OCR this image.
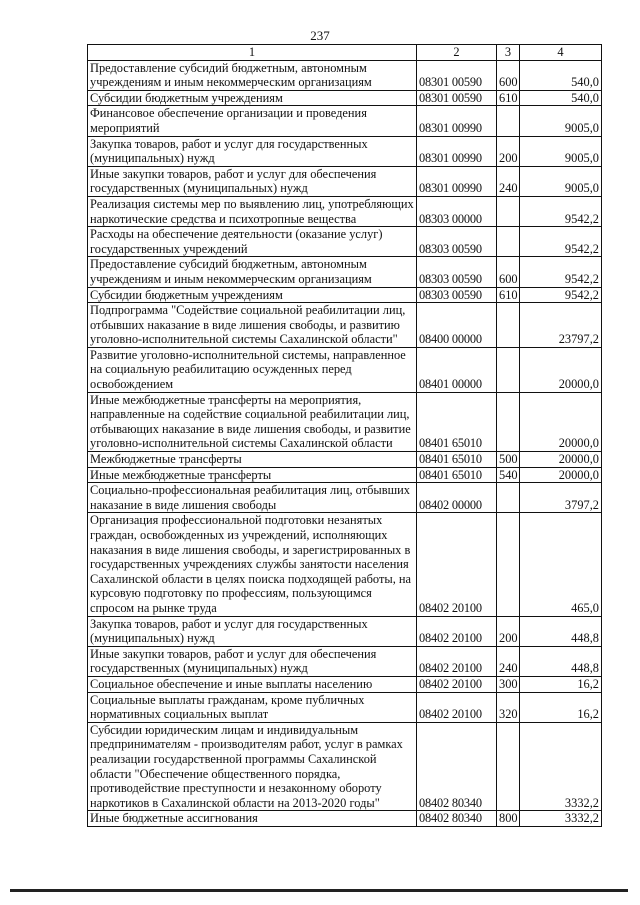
237
1	2	3	4
Предоставление субсидий бюджетным, автономным учреждениям и иным некоммерческим организациям	08301 00590	600	540,0
Субсидии бюджетным учреждениям	08301 00590	610	540,0
Финансовое обеспечение организации и проведения мероприятий	08301 00990		9005,0
Закупка товаров, работ и услуг для государственных (муниципальных) нужд	08301 00990	200	9005,0
Иные закупки товаров, работ и услуг для обеспечения государственных (муниципальных) нужд	08301 00990	240	9005,0
Реализация системы мер по выявлению лиц, употребляющих наркотические средства и психотропные вещества	08303 00000		9542,2
Расходы на обеспечение деятельности (оказание услуг) государственных учреждений	08303 00590		9542,2
Предоставление субсидий бюджетным, автономным учреждениям и иным некоммерческим организациям	08303 00590	600	9542,2
Субсидии бюджетным учреждениям	08303 00590	610	9542,2
Подпрограмма "Содействие социальной реабилитации лиц, отбывших наказание в виде лишения свободы, и развитию уголовно-исполнительной системы Сахалинской области"	08400 00000		23797,2
Развитие уголовно-исполнительной системы, направленное на социальную реабилитацию осужденных перед освобождением	08401 00000		20000,0
Иные межбюджетные трансферты на мероприятия, направленные на содействие социальной реабилитации лиц, отбывающих наказание в виде лишения свободы, и развитие уголовно-исполнительной системы Сахалинской области	08401 65010		20000,0
Межбюджетные трансферты	08401 65010	500	20000,0
Иные межбюджетные трансферты	08401 65010	540	20000,0
Социально-профессиональная реабилитация лиц, отбывших наказание в виде лишения свободы	08402 00000		3797,2
Организация профессиональной подготовки незанятых граждан, освобожденных из учреждений, исполняющих наказания в виде лишения свободы, и зарегистрированных в государственных учреждениях службы занятости населения Сахалинской области в целях поиска подходящей работы, на курсовую подготовку по профессиям, пользующимся спросом на рынке труда	08402 20100		465,0
Закупка товаров, работ и услуг для государственных (муниципальных) нужд	08402 20100	200	448,8
Иные закупки товаров, работ и услуг для обеспечения государственных (муниципальных) нужд	08402 20100	240	448,8
Социальное обеспечение и иные выплаты населению	08402 20100	300	16,2
Социальные выплаты гражданам, кроме публичных нормативных социальных выплат	08402 20100	320	16,2
Субсидии юридическим лицам и индивидуальным предпринимателям - производителям работ, услуг в рамках реализации государственной программы Сахалинской области "Обеспечение общественного порядка, противодействие преступности и незаконному обороту наркотиков в Сахалинской области на 2013-2020 годы"	08402 80340		3332,2
Иные бюджетные ассигнования	08402 80340	800	3332,2
